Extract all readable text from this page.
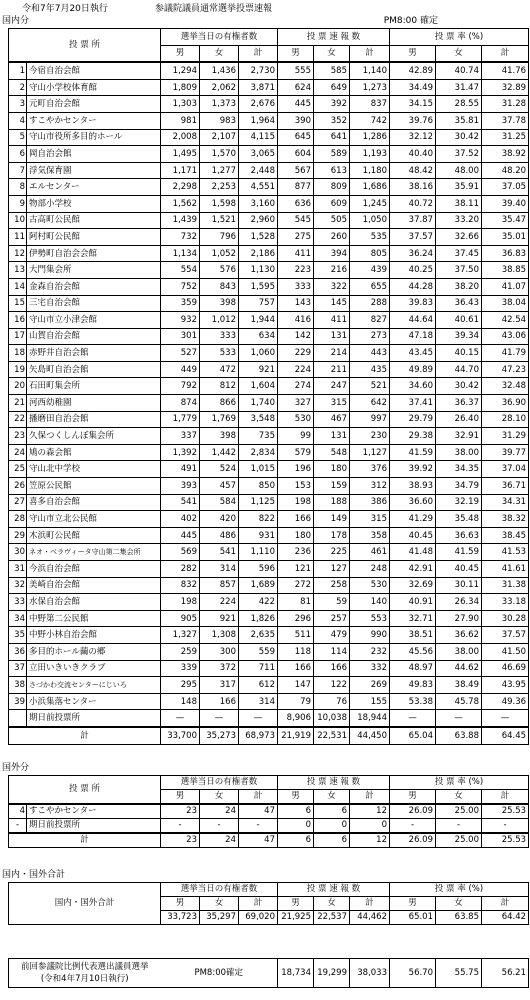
令和7年7月20日執行	参議院議員通常選挙投票速報
国内分	PM8:00 確定
投 票 所		選挙当日の有権者数			投 票 速 報 数			投 票 率 (%)		
		男	女	計	男	女	計	男	女	計
1	今宿自治会館	1,294	1,436	2,730	555	585	1,140	42.89	40.74	41.76
2	守山小学校体育館	1,809	2,062	3,871	624	649	1,273	34.49	31.47	32.89
3	元町自治会館	1,303	1,373	2,676	445	392	837	34.15	28.55	31.28
4	すこやかセンター	981	983	1,964	390	352	742	39.76	35.81	37.78
5	守山市役所多目的ホール	2,008	2,107	4,115	645	641	1,286	32.12	30.42	31.25
6	岡自治会館	1,495	1,570	3,065	604	589	1,193	40.40	37.52	38.92
7	浮気保育園	1,171	1,277	2,448	567	613	1,180	48.42	48.00	48.20
8	エルセンター	2,298	2,253	4,551	877	809	1,686	38.16	35.91	37.05
9	物部小学校	1,562	1,598	3,160	636	609	1,245	40.72	38.11	39.40
10	古高町公民館	1,439	1,521	2,960	545	505	1,050	37.87	33.20	35.47
11	阿村町公民館	732	796	1,528	275	260	535	37.57	32.66	35.01
12	伊勢町自治会会館	1,134	1,052	2,186	411	394	805	36.24	37.45	36.83
13	大門集会所	554	576	1,130	223	216	439	40.25	37.50	38.85
14	金森自治会館	752	843	1,595	333	322	655	44.28	38.20	41.07
15	三宅自治会館	359	398	757	143	145	288	39.83	36.43	38.04
16	守山市立小津会館	932	1,012	1,944	416	411	827	44.64	40.61	42.54
17	山賀自治会館	301	333	634	142	131	273	47.18	39.34	43.06
18	赤野井自治会館	527	533	1,060	229	214	443	43.45	40.15	41.79
19	矢島町自治会館	449	472	921	224	211	435	49.89	44.70	47.23
20	石田町集会所	792	812	1,604	274	247	521	34.60	30.42	32.48
21	河西幼稚園	874	866	1,740	327	315	642	37.41	36.37	36.90
22	播磨田自治会館	1,779	1,769	3,548	530	467	997	29.79	26.40	28.10
23	久保つくしんぼ集会所	337	398	735	99	131	230	29.38	32.91	31.29
24	鳩の森会館	1,392	1,442	2,834	579	548	1,127	41.59	38.00	39.77
25	守山北中学校	491	524	1,015	196	180	376	39.92	34.35	37.04
26	笠原公民館	393	457	850	153	159	312	38.93	34.79	36.71
27	喜多自治会館	541	584	1,125	198	188	386	36.60	32.19	34.31
28	守山市立北公民館	402	420	822	166	149	315	41.29	35.48	38.32
29	木浜町公民館	445	486	931	180	178	358	40.45	36.63	38.45
30	ネオ・ベラヴィータ守山第二集会所	569	541	1,110	236	225	461	41.48	41.59	41.53
31	今浜自治会館	282	314	596	121	127	248	42.91	40.45	41.61
32	美崎自治会館	832	857	1,689	272	258	530	32.69	30.11	31.38
33	水保自治会館	198	224	422	81	59	140	40.91	26.34	33.18
34	中野第二公民館	905	921	1,826	296	257	553	32.71	27.90	30.28
35	中野小林自治会館	1,327	1,308	2,635	511	479	990	38.51	36.62	37.57
36	多目的ホール繭の郷	259	300	559	118	114	232	45.56	38.00	41.50
37	立田いきいきクラブ	339	372	711	166	166	332	48.97	44.62	46.69
38	さづかわ交流センターにじいろ	295	317	612	147	122	269	49.83	38.49	43.95
39	小浜集落センター	148	166	314	79	76	155	53.38	45.78	49.36
	期日前投票所	—	—	—	8,906	10,038	18,944	—	—	—
計		33,700	35,273	68,973	21,919	22,531	44,450	65.04	63.88	64.45
国外分
投 票 所		選挙当日の有権者数			投 票 速 報 数			投 票 率 (%)		
		男	女	計	男	女	計	男	女	計
4	すこやかセンター	23	24	47	6	6	12	26.09	25.00	25.53
-	期日前投票所	-	-	-	0	0	0	-	-	-
計		23	24	47	6	6	12	26.09	25.00	25.53
国内・国外合計
国内・国外合計	選挙当日の有権者数			投 票 速 報 数			投 票 率 (%)		
	男	女	計	男	女	計	男	女	計
	33,723	35,297	69,020	21,925	22,537	44,462	65.01	63.85	64.42
前回参議院比例代表選出議員選挙
(令和4年7月10日執行)
	PM8:00確定	18,734	19,299	38,033	56.70	55.75	56.21
